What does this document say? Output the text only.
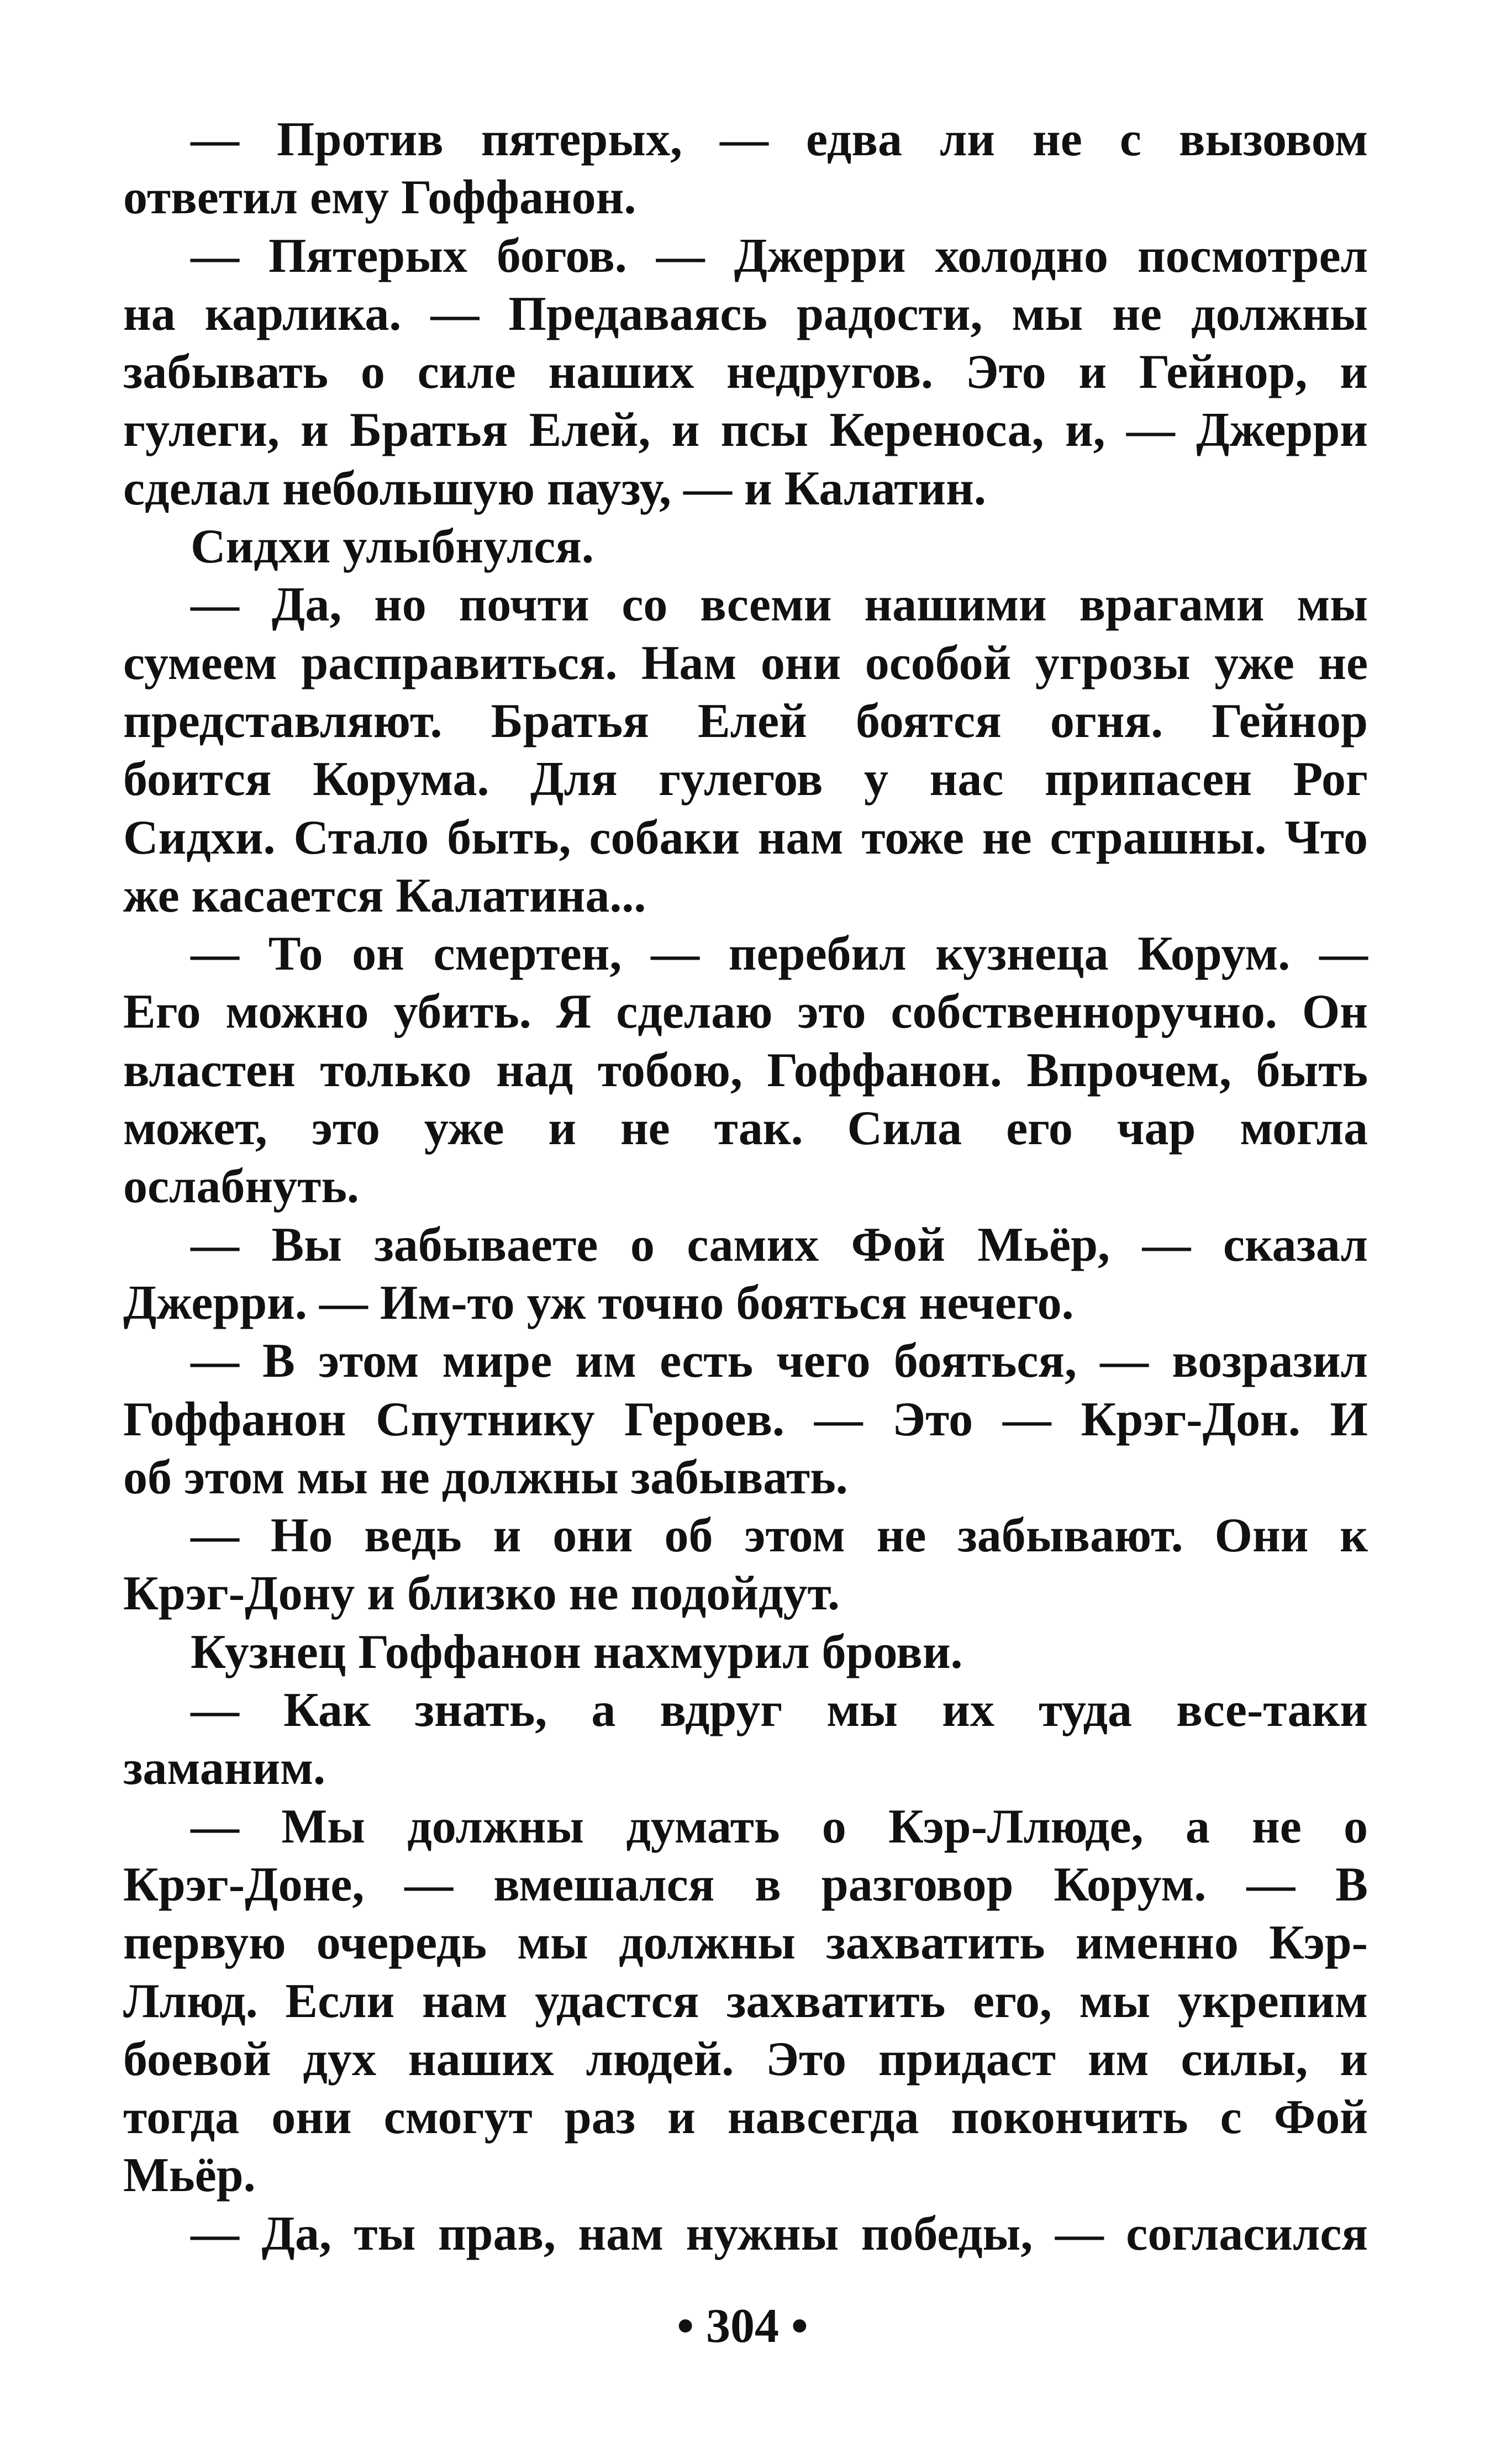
— Против пятерых, — едва ли не с вызовом
ответил ему Гоффанон.
— Пятерых богов. — Джерри холодно посмотрел
на карлика. — Предаваясь радости, мы не должны
забывать о силе наших недругов. Это и Гейнор, и
гулеги, и Братья Елей, и псы Кереноса, и, — Джерри
сделал небольшую паузу, — и Калатин.
Сидхи улыбнулся.
— Да, но почти со всеми нашими врагами мы
сумеем расправиться. Нам они особой угрозы уже не
представляют. Братья Елей боятся огня. Гейнор
боится Корума. Для гулегов у нас припасен Рог
Сидхи. Стало быть, собаки нам тоже не страшны. Что
же касается Калатина...
— То он смертен, — перебил кузнеца Корум. —
Его можно убить. Я сделаю это собственноручно. Он
властен только над тобою, Гоффанон. Впрочем, быть
может, это уже и не так. Сила его чар могла
ослабнуть.
— Вы забываете о самих Фой Мьёр, — сказал
Джерри. — Им-то уж точно бояться нечего.
— В этом мире им есть чего бояться, — возразил
Гоффанон Спутнику Героев. — Это — Крэг-Дон. И
об этом мы не должны забывать.
— Но ведь и они об этом не забывают. Они к
Крэг-Дону и близко не подойдут.
Кузнец Гоффанон нахмурил брови.
— Как знать, а вдруг мы их туда все-таки
заманим.
— Мы должны думать о Кэр-Ллюде, а не о
Крэг-Доне, — вмешался в разговор Корум. — В
первую очередь мы должны захватить именно Кэр-
Ллюд. Если нам удастся захватить его, мы укрепим
боевой дух наших людей. Это придаст им силы, и
тогда они смогут раз и навсегда покончить с Фой
Мьёр.
— Да, ты прав, нам нужны победы, — согласился
• 304 •
